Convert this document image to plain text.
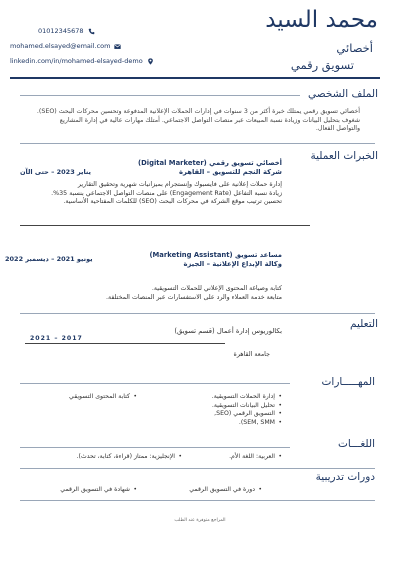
محمد السيد
أخصائي
تسويق رقمي
01012345678
mohamed.elsayed@email.com
linkedin.com/in/mohamed-elsayed-demo
الملف الشخصي
أخصائي تسويق رقمي يمتلك خبرة أكثر من 3 سنوات في إدارات الحملات الإعلانية المدفوعة وتحسين محركات البحث (SEO). شغوف بتحليل البيانات وزيادة نسبة المبيعات عبر منصات التواصل الاجتماعي. أمتلك مهارات عالية في إدارة المشاريع والتواصل الفعال.
الخبرات العملية
أخصائي تسويق رقمي (Digital Marketer)
شركة النجم للتسويق – القاهرة
يناير 2023 – حتى الآن
إدارة حملات إعلانية على فايسبوك وإنستجرام بميزانيات شهرية وتحقيق التقارير
زيادة نسبة التفاعل (Engagement Rate) على منصات التواصل الاجتماعي بنسبة 35%.
تحسين ترتيب موقع الشركة في محركات البحث (SEO) للكلمات المفتاحية الأساسية.
مساعد تسويق (Marketing Assistant)
وكالة الإبداع الإعلانية – الجيزة
يونيو 2021 – ديسمبر 2022
كتابة وصياغة المحتوى الإعلاني للحملات التسويقية.
متابعة خدمة العملاء والرد على الاستفسارات عبر المنصات المختلفة.
التعليم
بكالوريوس إدارة أعمال (قسم تسويق)
2021 – 2017
جامعة القاهرة
المهـــــارات
• إدارة الحملات التسويقية.
• تحليل البيانات التسويقية.
• التسويق الرقمي (SEO,
• SEM, SMM).
• كتابة المحتوى التسويقي
اللغـــات
• العربية: اللغة الأم.
• الإنجليزية: ممتاز (قراءة، كتابة، تحدث).
دورات تدريبية
• دورة في التسويق الرقمي
• شهادة في التسويق الرقمي
المراجع متوفرة عند الطلب
